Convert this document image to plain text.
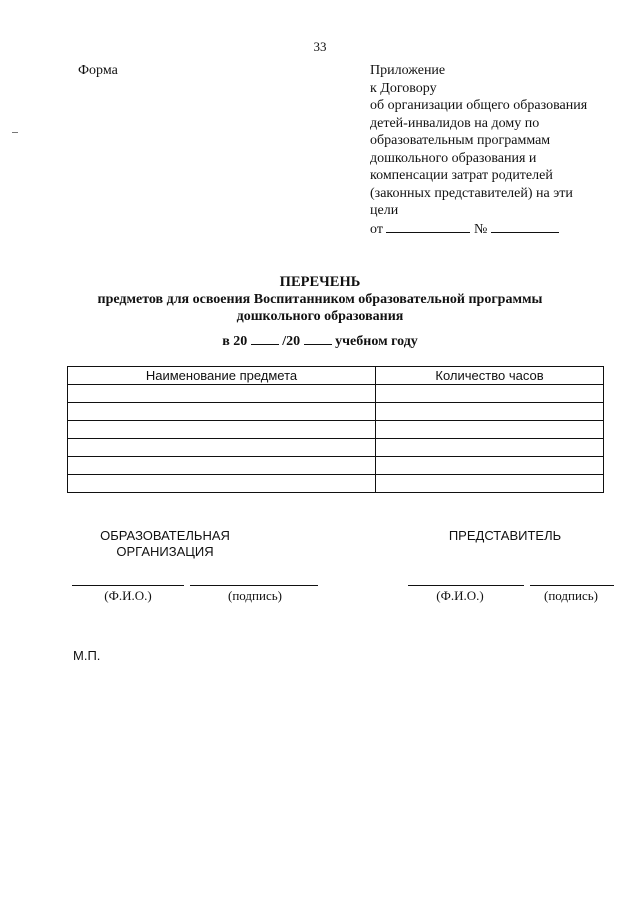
33
Форма	Приложение
к Договору
об организации общего образования
детей-инвалидов на дому по
образовательным программам
дошкольного образования и
компенсации затрат родителей
(законных представителей) на эти
цели
от	№
ПЕРЕЧЕНЬ
предметов для освоения Воспитанником образовательной программы
дошкольного образования
в 20	/20	учебном году
Наименование предмета	Количество часов

ОБРАЗОВАТЕЛЬНАЯ
ОРГАНИЗАЦИЯ
ПРЕДСТАВИТЕЛЬ
(Ф.И.О.)	(подпись)	(Ф.И.О.)	(подпись)
М.П.
